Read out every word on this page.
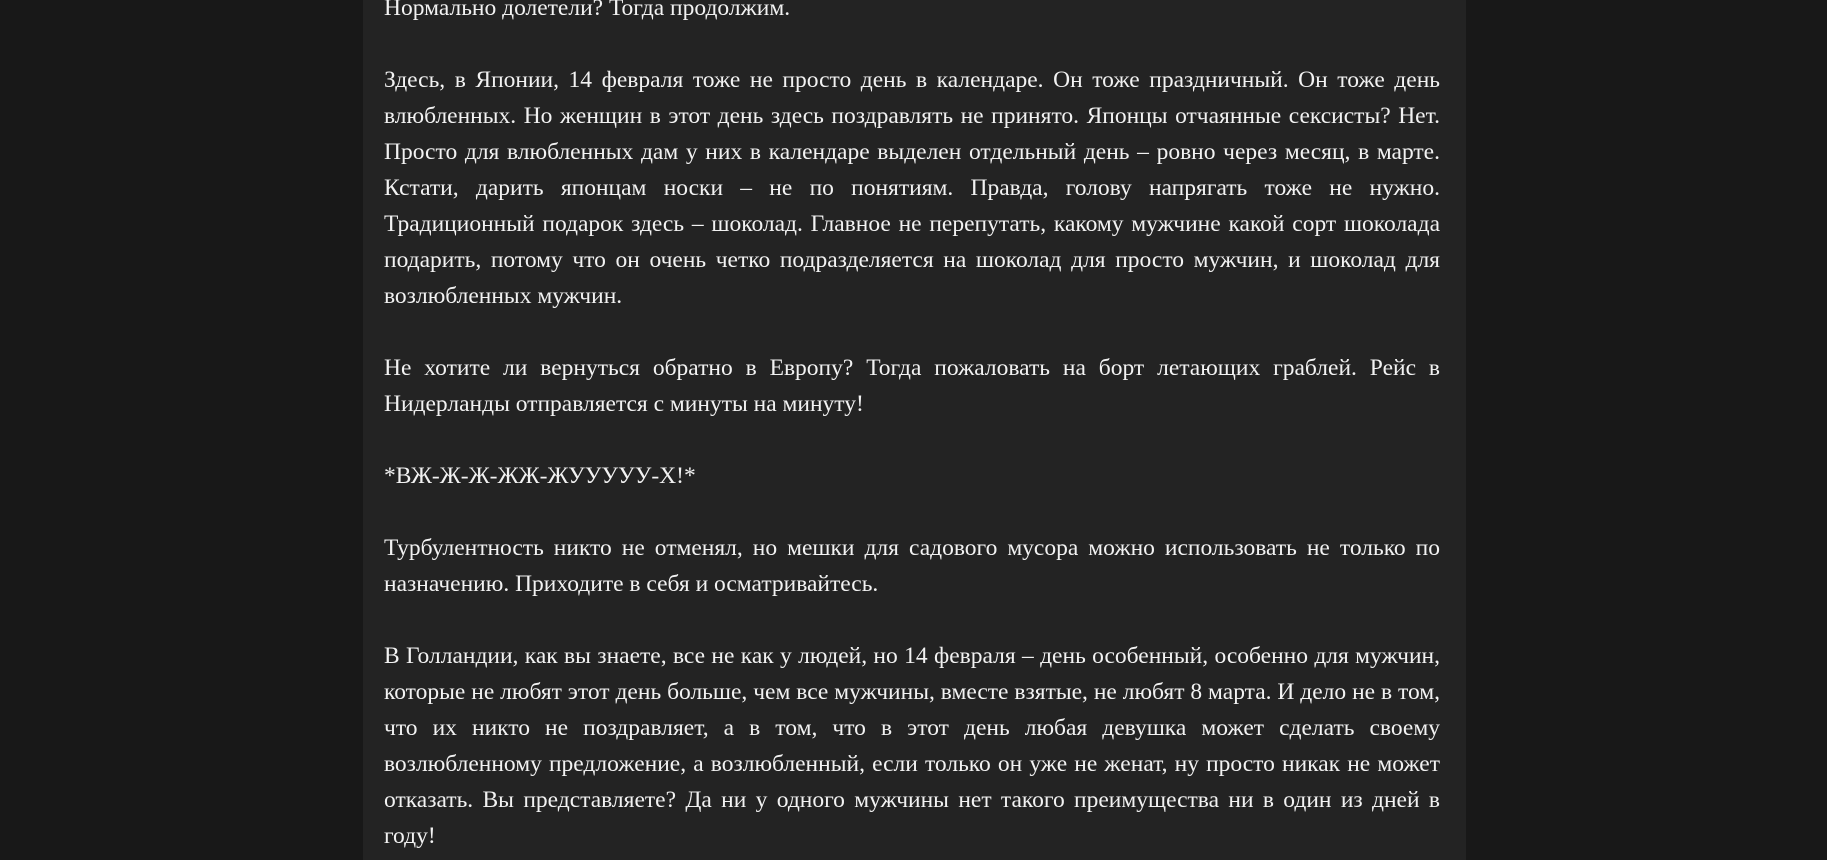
Нормально долетели? Тогда продолжим.

Здесь, в Японии, 14 февраля тоже не просто день в календаре. Он тоже праздничный. Он тоже день влюбленных. Но женщин в этот день здесь поздравлять не принято. Японцы отчаянные сексисты? Нет. Просто для влюбленных дам у них в календаре выделен отдельный день – ровно через месяц, в марте. Кстати, дарить японцам носки – не по понятиям. Правда, голову напрягать тоже не нужно. Традиционный подарок здесь – шоколад. Главное не перепутать, какому мужчине какой сорт шоколада подарить, потому что он очень четко подразделяется на шоколад для просто мужчин, и шоколад для возлюбленных мужчин.

Не хотите ли вернуться обратно в Европу? Тогда пожаловать на борт летающих граблей. Рейс в Нидерланды отправляется с минуты на минуту!

*ВЖ-Ж-Ж-ЖЖ-ЖУУУУУ-Х!*

Турбулентность никто не отменял, но мешки для садового мусора можно использовать не только по назначению. Приходите в себя и осматривайтесь.

В Голландии, как вы знаете, все не как у людей, но 14 февраля – день особенный, особенно для мужчин, которые не любят этот день больше, чем все мужчины, вместе взятые, не любят 8 марта. И дело не в том, что их никто не поздравляет, а в том, что в этот день любая девушка может сделать своему возлюбленному предложение, а возлюбленный, если только он уже не женат, ну просто никак не может отказать. Вы представляете? Да ни у одного мужчины нет такого преимущества ни в один из дней в году!
